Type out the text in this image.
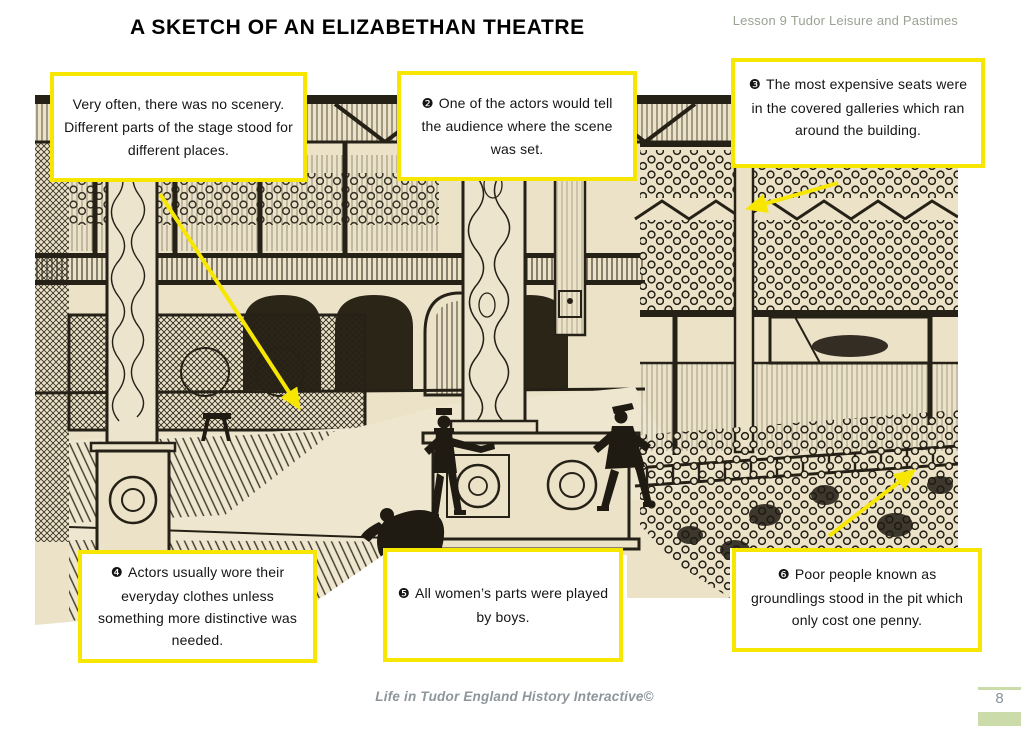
A SKETCH OF AN ELIZABETHAN THEATRE	Lesson 9 Tudor Leisure and Pastimes

Very often, there was no scenery. Different parts of the stage stood for different places.

❷ One of the actors would tell the audience where the scene was set.

❸ The most expensive seats were in the covered galleries which ran around the building.

❹ Actors usually wore their everyday clothes unless something more distinctive was needed.

❺ All women’s parts were played by boys.

❻ Poor people known as groundlings stood in the pit which only cost one penny.

Life in Tudor England History Interactive©	8
